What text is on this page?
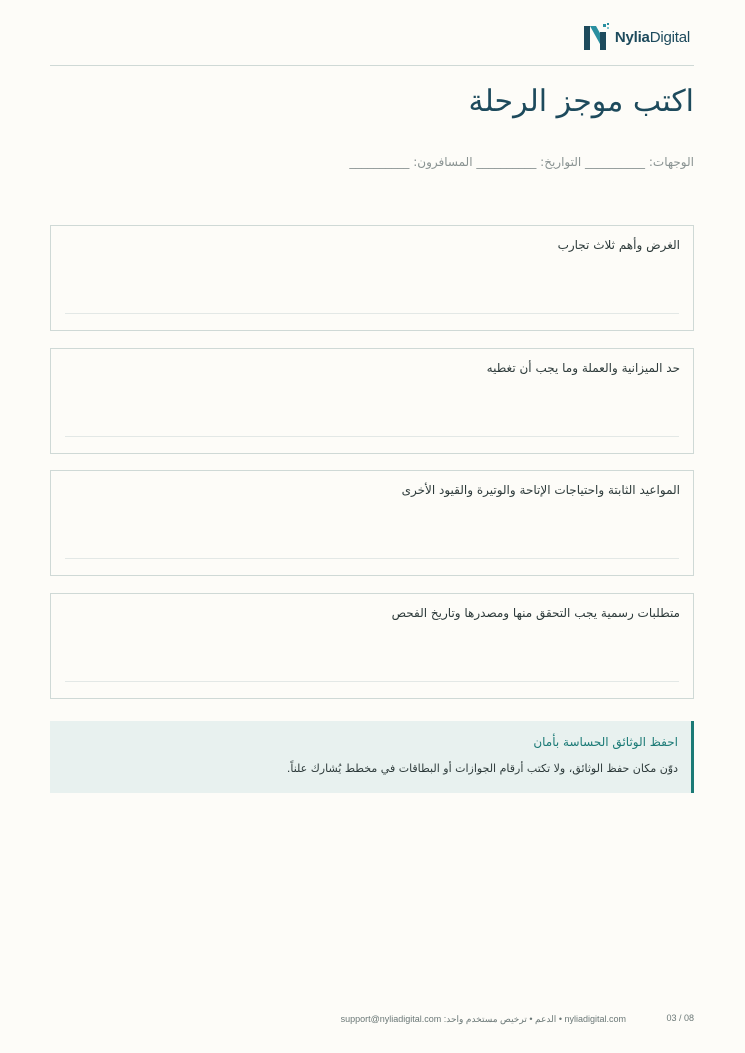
NyliaDigital
اكتب موجز الرحلة
الوجهات: __________ التواريخ: __________ المسافرون: __________
الغرض وأهم ثلاث تجارب
حد الميزانية والعملة وما يجب أن تغطيه
المواعيد الثابتة واحتياجات الإتاحة والوتيرة والقيود الأخرى
متطلبات رسمية يجب التحقق منها ومصدرها وتاريخ الفحص
احفظ الوثائق الحساسة بأمان
دوّن مكان حفظ الوثائق، ولا تكتب أرقام الجوازات أو البطاقات في مخطط يُشارك علناً.
support@nyliadigital.com :الدعم • ترخيص مستخدم واحد • nyliadigital.com	03 / 08
